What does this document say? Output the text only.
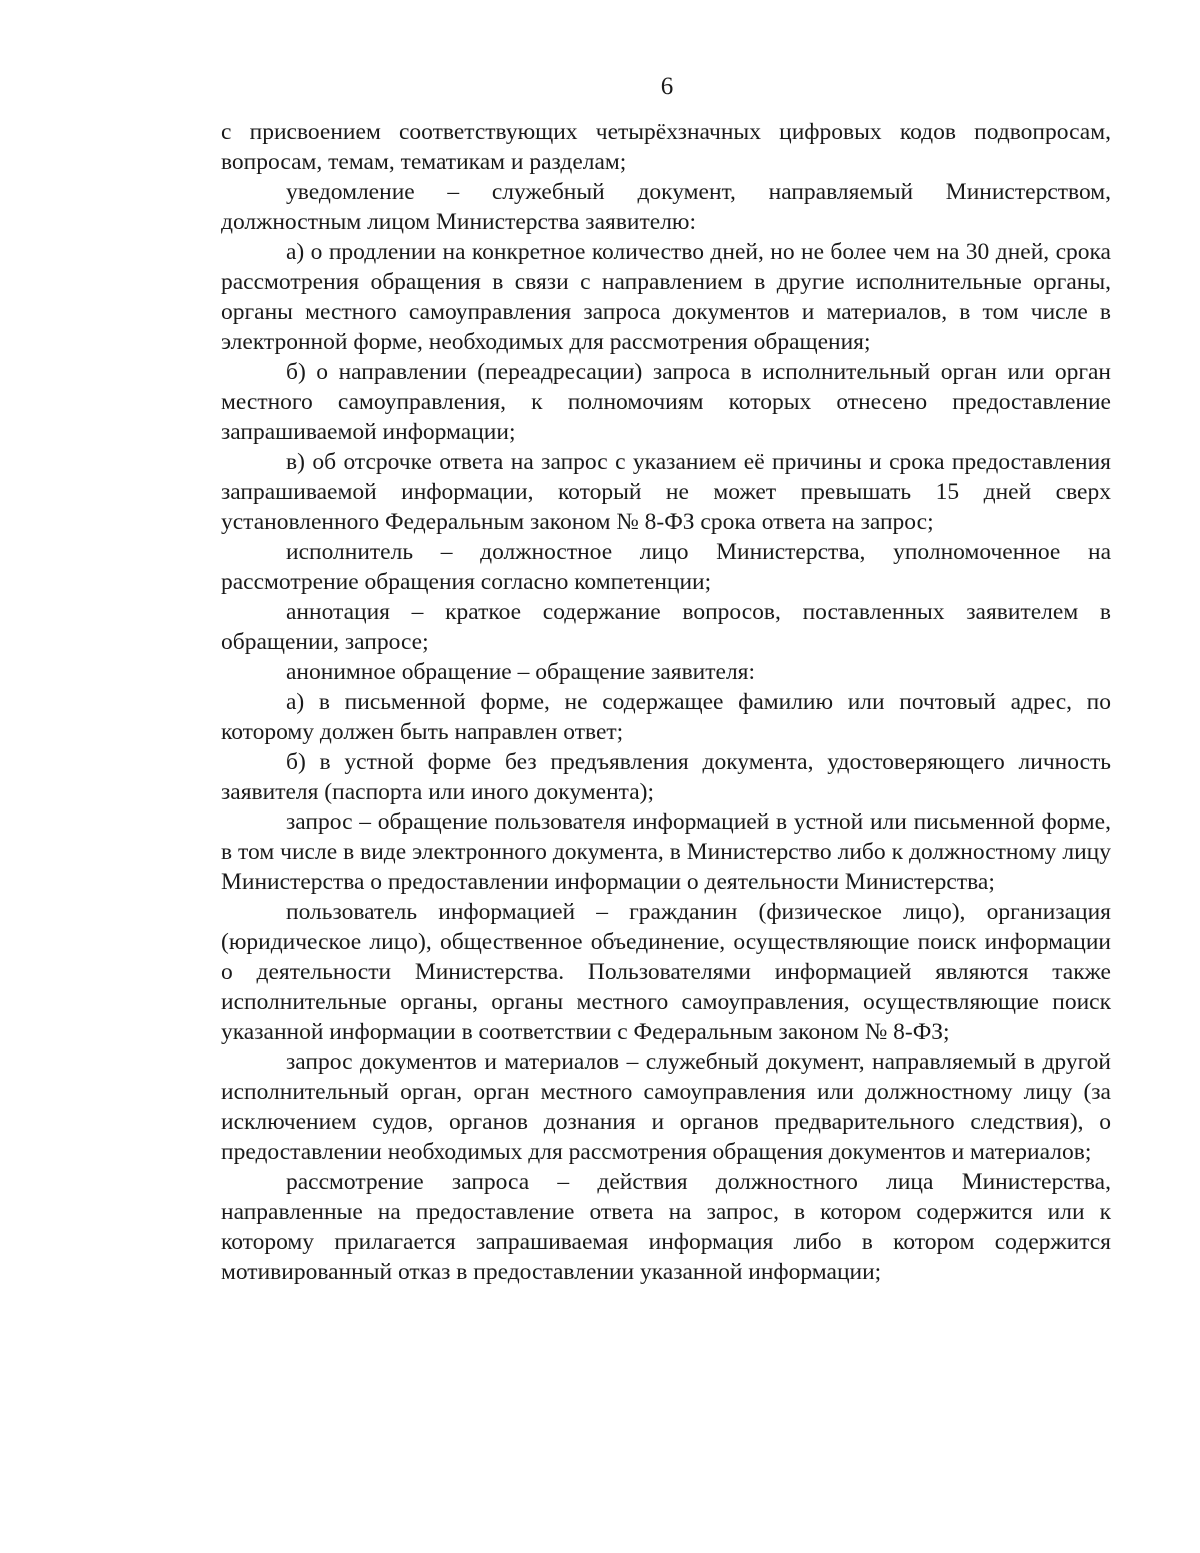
6

с присвоением соответствующих четырёхзначных цифровых кодов подвопросам, вопросам, темам, тематикам и разделам;

уведомление – служебный документ, направляемый Министерством, должностным лицом Министерства заявителю:

а) о продлении на конкретное количество дней, но не более чем на 30 дней, срока рассмотрения обращения в связи с направлением в другие исполнительные органы, органы местного самоуправления запроса документов и материалов, в том числе в электронной форме, необходимых для рассмотрения обращения;

б) о направлении (переадресации) запроса в исполнительный орган или орган местного самоуправления, к полномочиям которых отнесено предоставление запрашиваемой информации;

в) об отсрочке ответа на запрос с указанием её причины и срока предоставления запрашиваемой информации, который не может превышать 15 дней сверх установленного Федеральным законом № 8-ФЗ срока ответа на запрос;

исполнитель – должностное лицо Министерства, уполномоченное на рассмотрение обращения согласно компетенции;

аннотация – краткое содержание вопросов, поставленных заявителем в обращении, запросе;

анонимное обращение – обращение заявителя:

а) в письменной форме, не содержащее фамилию или почтовый адрес, по которому должен быть направлен ответ;

б) в устной форме без предъявления документа, удостоверяющего личность заявителя (паспорта или иного документа);

запрос – обращение пользователя информацией в устной или письменной форме, в том числе в виде электронного документа, в Министерство либо к должностному лицу Министерства о предоставлении информации о деятельности Министерства;

пользователь информацией – гражданин (физическое лицо), организация (юридическое лицо), общественное объединение, осуществляющие поиск информации о деятельности Министерства. Пользователями информацией являются также исполнительные органы, органы местного самоуправления, осуществляющие поиск указанной информации в соответствии с Федеральным законом № 8-ФЗ;

запрос документов и материалов – служебный документ, направляемый в другой исполнительный орган, орган местного самоуправления или должностному лицу (за исключением судов, органов дознания и органов предварительного следствия), о предоставлении необходимых для рассмотрения обращения документов и материалов;

рассмотрение запроса – действия должностного лица Министерства, направленные на предоставление ответа на запрос, в котором содержится или к которому прилагается запрашиваемая информация либо в котором содержится мотивированный отказ в предоставлении указанной информации;
